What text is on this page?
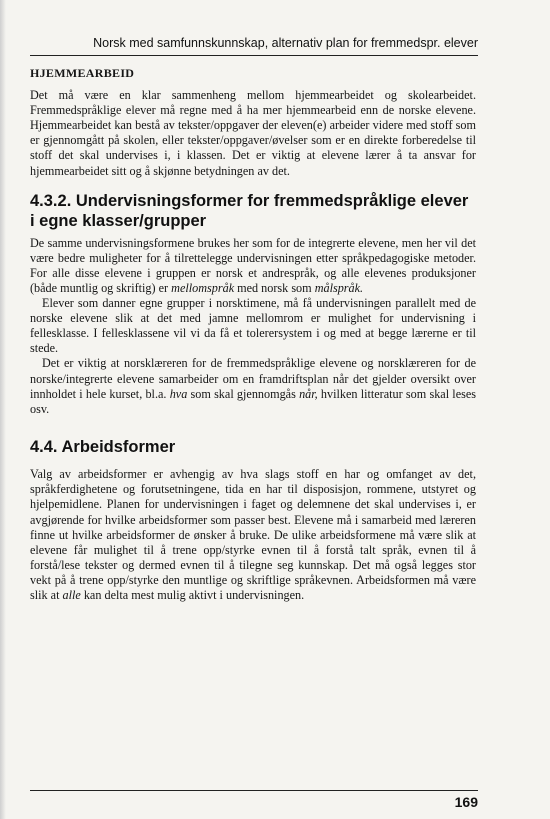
Norsk med samfunnskunnskap, alternativ plan for fremmedspr. elever
HJEMMEARBEID

Det må være en klar sammenheng mellom hjemmearbeidet og skolearbeidet. Fremmedspråklige elever må regne med å ha mer hjemmearbeid enn de norske elevene. Hjemmearbeidet kan bestå av tekster/oppgaver der eleven(e) arbeider videre med stoff som er gjennomgått på skolen, eller tekster/oppgaver/øvelser som er en direkte forberedelse til stoff det skal undervises i, i klassen. Det er viktig at elevene lærer å ta ansvar for hjemmearbeidet sitt og å skjønne betydningen av det.

4.3.2. Undervisningsformer for fremmedspråklige elever i egne klasser/grupper

De samme undervisningsformene brukes her som for de integrerte elevene, men her vil det være bedre muligheter for å tilrettelegge undervisningen etter språkpedagogiske metoder. For alle disse elevene i gruppen er norsk et andrespråk, og alle elevenes produksjoner (både muntlig og skriftig) er mellomspråk med norsk som målspråk.

Elever som danner egne grupper i norsktimene, må få undervisningen parallelt med de norske elevene slik at det med jamne mellomrom er mulighet for undervisning i fellesklasse. I fellesklassene vil vi da få et tolerersystem i og med at begge lærerne er til stede.

Det er viktig at norsklæreren for de fremmedspråklige elevene og norsklæreren for de norske/integrerte elevene samarbeider om en framdriftsplan når det gjelder oversikt over innholdet i hele kurset, bl.a. hva som skal gjennomgås når, hvilken litteratur som skal leses osv.

4.4. Arbeidsformer

Valg av arbeidsformer er avhengig av hva slags stoff en har og omfanget av det, språkferdighetene og forutsetningene, tida en har til disposisjon, rommene, utstyret og hjelpemidlene. Planen for undervisningen i faget og delemnene det skal undervises i, er avgjørende for hvilke arbeidsformer som passer best. Elevene må i samarbeid med læreren finne ut hvilke arbeidsformer de ønsker å bruke. De ulike arbeidsformene må være slik at elevene får mulighet til å trene opp/styrke evnen til å forstå talt språk, evnen til å forstå/lese tekster og dermed evnen til å tilegne seg kunnskap. Det må også legges stor vekt på å trene opp/styrke den muntlige og skriftlige språkevnen. Arbeidsformen må være slik at alle kan delta mest mulig aktivt i undervisningen.

169
